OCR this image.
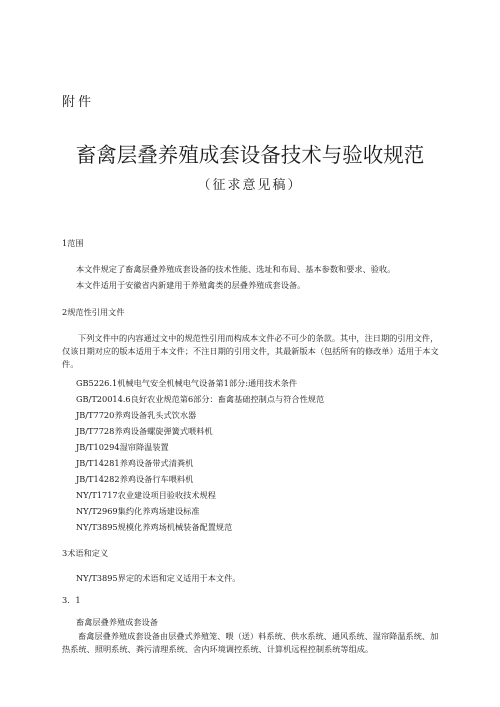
附件
畜禽层叠养殖成套设备技术与验收规范
（征求意见稿）
1范围
本文件规定了畜禽层叠养殖成套设备的技术性能、选址和布局、基本参数和要求、验收。
本文件适用于安徽省内新建用于养殖禽类的层叠养殖成套设备。
2规范性引用文件
下列文件中的内容通过文中的规范性引用而构成本文件必不可少的条款。其中，注日期的引用文件，仅该日期对应的版本适用于本文件；不注日期的引用文件，其最新版本（包括所有的修改单）适用于本文件。
GB5226.1机械电气安全机械电气设备第1部分:通用技术条件
GB/T20014.6良好农业规范第6部分：畜禽基础控制点与符合性规范
JB/T7720养鸡设备乳头式饮水器
JB/T7728养鸡设备螺旋弹簧式喂料机
JB/T10294湿帘降温装置
JB/T14281养鸡设备带式清粪机
JB/T14282养鸡设备行车喂料机
NY/T1717农业建设项目验收技术规程
NY/T2969集约化养鸡场建设标准
NY/T3895规模化养鸡场机械装备配置规范
3术语和定义
NY/T3895界定的术语和定义适用于本文件。
3．1
畜禽层叠养殖成套设备
畜禽层叠养殖成套设备由层叠式养殖笼、喂（送）料系统、供水系统、通风系统、湿帘降温系统、加热系统、照明系统、粪污清理系统、舍内环境调控系统、计算机远程控制系统等组成。
